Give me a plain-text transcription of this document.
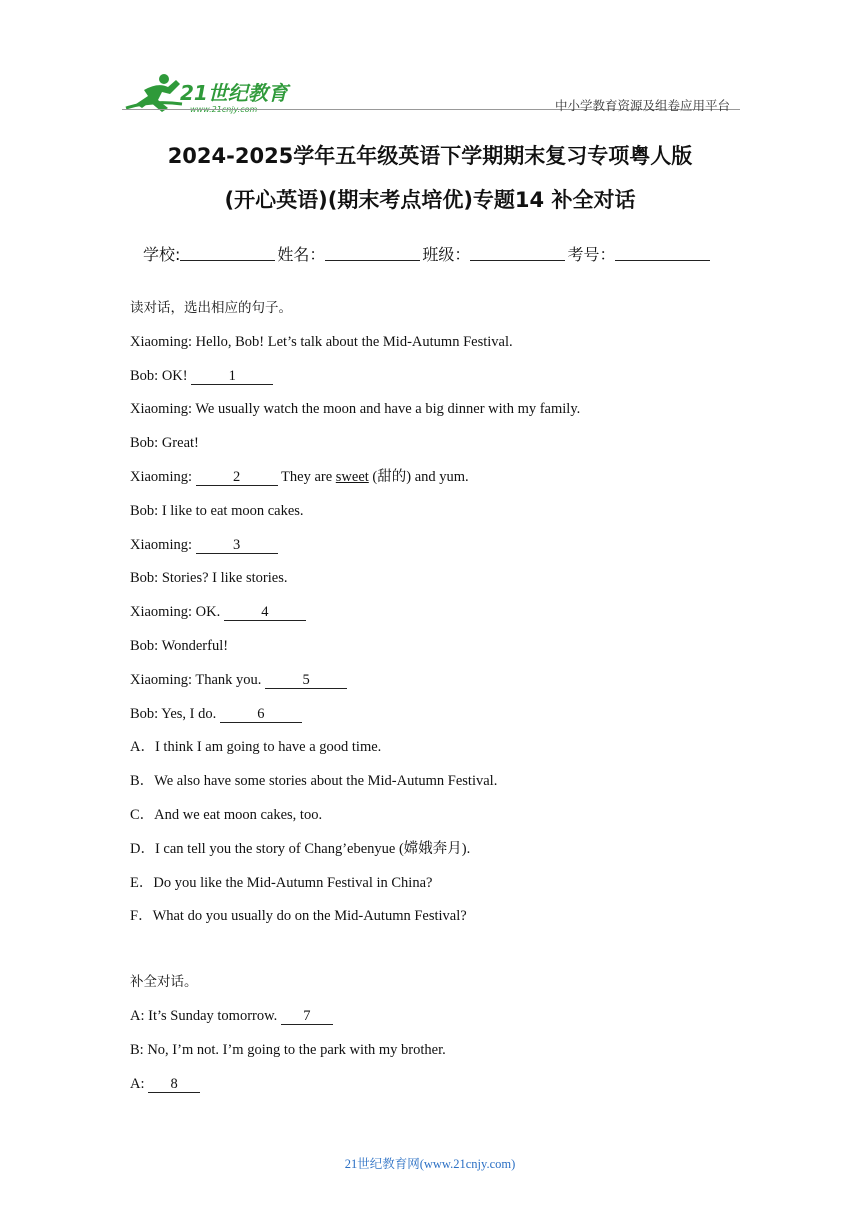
21世纪教育
中小学教育资源及组卷应用平台
2024-2025学年五年级英语下学期期末复习专项粤人版
(开心英语)(期末考点培优)专题14 补全对话
学校:	姓名：	班级：	考号：
读对话，选出相应的句子。
Xiaoming: Hello, Bob! Let’s talk about the Mid-Autumn Festival.
Bob: OK!	1
Xiaoming: We usually watch the moon and have a big dinner with my family.
Bob: Great!
Xiaoming:	2	They are sweet (甜的) and yum.
Bob: I like to eat moon cakes.
Xiaoming:	3
Bob: Stories? I like stories.
Xiaoming: OK.	4
Bob: Wonderful!
Xiaoming: Thank you.	5
Bob: Yes, I do.	6
A．I think I am going to have a good time.
B．We also have some stories about the Mid-Autumn Festival.
C．And we eat moon cakes, too.
D．I can tell you the story of Chang’ebenyue (嫦娥奔月).
E．Do you like the Mid-Autumn Festival in China?
F．What do you usually do on the Mid-Autumn Festival?
补全对话。
A: It’s Sunday tomorrow. 7
B: No, I’m not. I’m going to the park with my brother.
A: 8
21世纪教育网(www.21cnjy.com)
